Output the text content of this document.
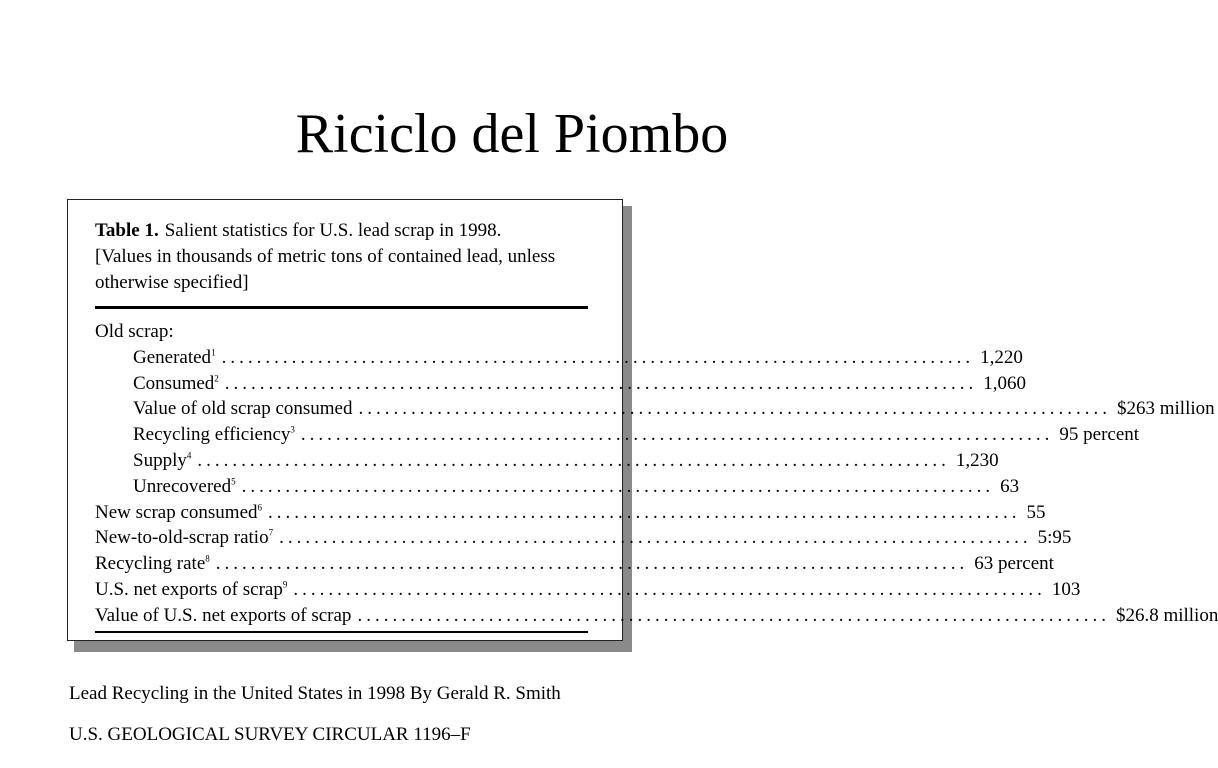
Riciclo del Piombo
Table 1. Salient statistics for U.S. lead scrap in 1998.
[Values in thousands of metric tons of contained lead, unless
otherwise specified]
Old scrap:
Generated$^1$ ...................................................................................... 1,220
Consumed$^2$ ...................................................................................... 1,060
Value of old scrap consumed ...................................................................................... $263 million
Recycling efficiency$^3$ ...................................................................................... 95 percent
Supply$^4$ ...................................................................................... 1,230
Unrecovered$^5$ ...................................................................................... 63
New scrap consumed$^6$ ...................................................................................... 55
New-to-old-scrap ratio$^7$ ...................................................................................... 5:95
Recycling rate$^8$ ...................................................................................... 63 percent
U.S. net exports of scrap$^9$ ...................................................................................... 103
Value of U.S. net exports of scrap ...................................................................................... $26.8 million
Lead Recycling in the United States in 1998 By Gerald R. Smith
U.S. GEOLOGICAL SURVEY CIRCULAR 1196–F
